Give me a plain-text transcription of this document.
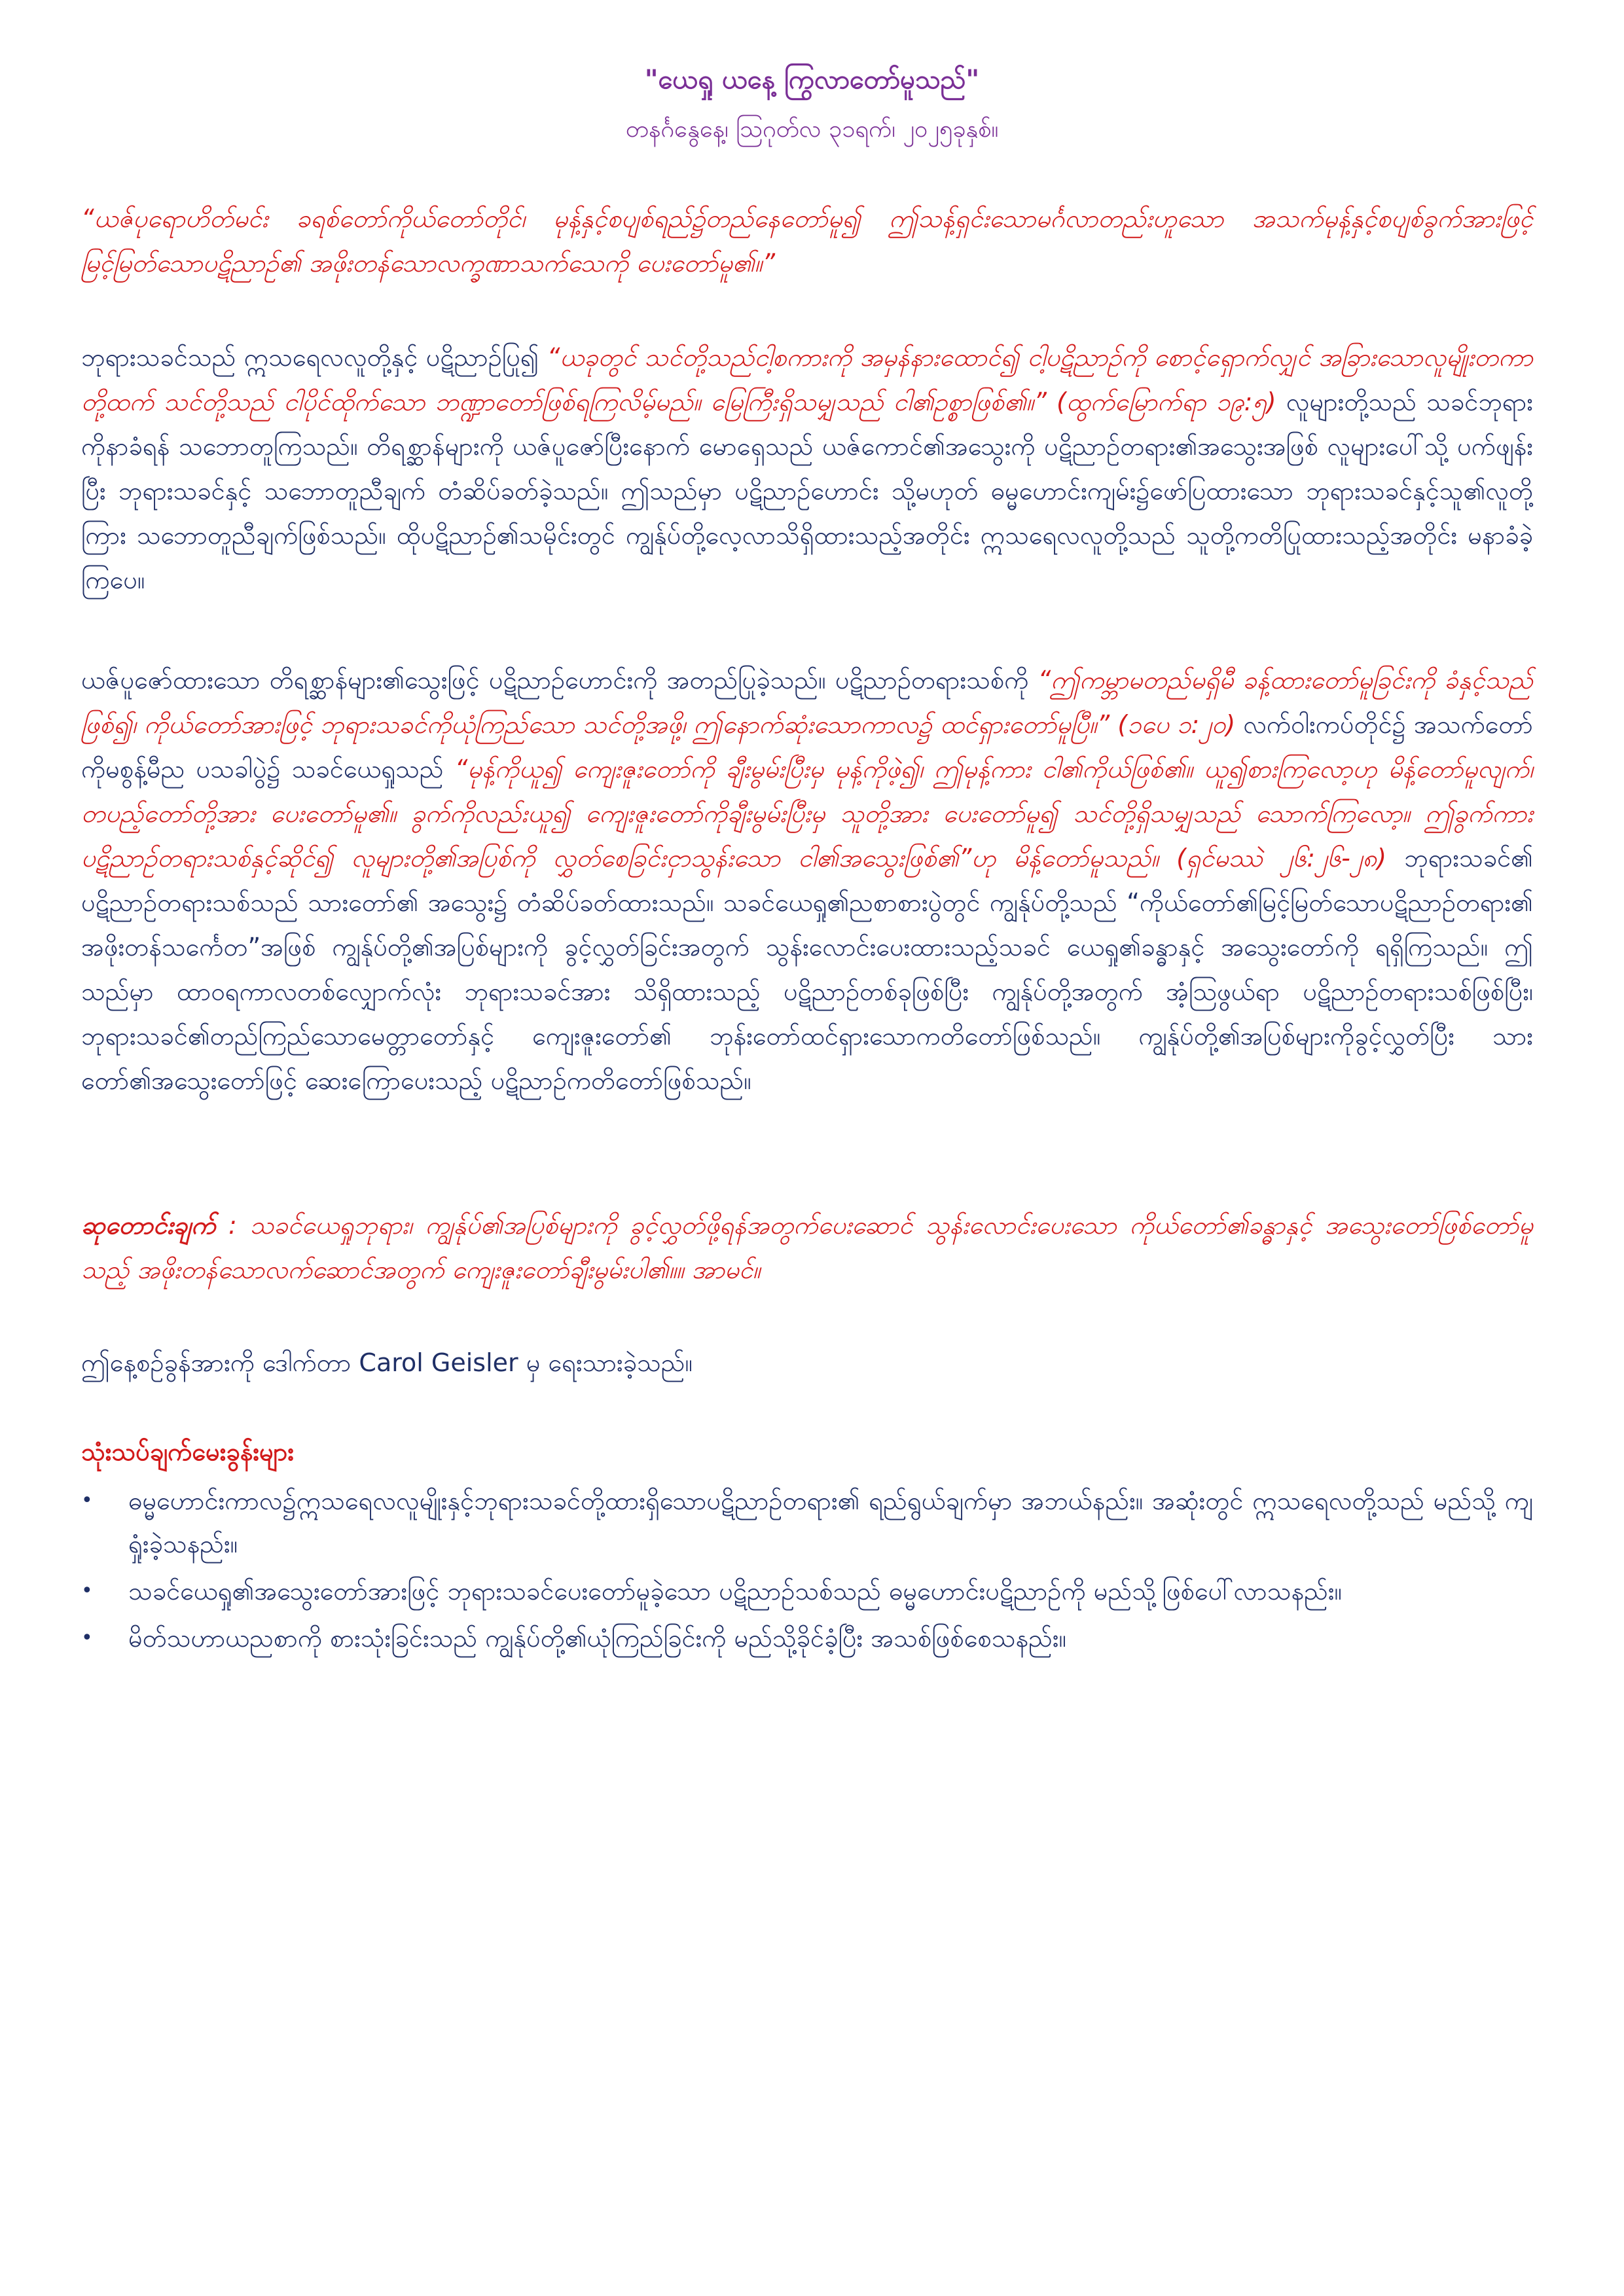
"ယေရှု ယနေ့ ကြွလာတော်မူသည်"
တနင်္ဂနွေနေ့၊ ဩဂုတ်လ ၃၁ရက်၊ ၂၀၂၅ခုနှစ်။
“ယဇ်ပုရောဟိတ်မင်း ခရစ်တော်ကိုယ်တော်တိုင်၊ မုန့်နှင့်စပျစ်ရည်၌တည်နေတော်မူ၍ ဤသန့်ရှင်းသောမင်္ဂလာတည်းဟူသော အသက်မုန့်နှင့်စပျစ်ခွက်အားဖြင့် မြင့်မြတ်သောပဋိညာဉ်၏ အဖိုးတန်သောလက္ခဏာသက်သေကို ပေးတော်မူ၏။”
ဘုရားသခင်သည် ဣသရေလလူတို့နှင့် ပဋိညာဉ်ပြု၍ “ယခုတွင် သင်တို့သည်ငါ့စကားကို အမှန်နားထောင်၍ ငါ့ပဋိညာဉ်ကို စောင့်ရှောက်လျှင် အခြားသောလူမျိုးတကာတို့ထက် သင်တို့သည် ငါပိုင်ထိုက်သော ဘဏ္ဍာတော်ဖြစ်ရကြလိမ့်မည်။ မြေကြီးရှိသမျှသည် ငါ၏ဥစ္စာဖြစ်၏။” (ထွက်မြောက်ရာ ၁၉:၅) လူများတို့သည် သခင်ဘုရားကိုနာခံရန် သဘောတူကြသည်။ တိရစ္ဆာန်များကို ယဇ်ပူဇော်ပြီးနောက် မောရှေသည် ယဇ်ကောင်၏အသွေးကို ပဋိညာဉ်တရား၏အသွေးအဖြစ် လူများပေါ်သို့ ပက်ဖျန်းပြီး ဘုရားသခင်နှင့် သဘောတူညီချက် တံဆိပ်ခတ်ခဲ့သည်။ ဤသည်မှာ ပဋိညာဉ်ဟောင်း သို့မဟုတ် ဓမ္မဟောင်းကျမ်း၌ဖော်ပြထားသော ဘုရားသခင်နှင့်သူ၏လူတို့ကြား သဘောတူညီချက်ဖြစ်သည်။ ထိုပဋိညာဉ်၏သမိုင်းတွင် ကျွန်ုပ်တို့လေ့လာသိရှိထားသည့်အတိုင်း ဣသရေလလူတို့သည် သူတို့ကတိပြုထားသည့်အတိုင်း မနာခံခဲ့ကြပေ။
ယဇ်ပူဇော်ထားသော တိရစ္ဆာန်များ၏သွေးဖြင့် ပဋိညာဉ်ဟောင်းကို အတည်ပြုခဲ့သည်။ ပဋိညာဉ်တရားသစ်ကို “ဤကမ္ဘာမတည်မရှိမီ ခန့်ထားတော်မူခြင်းကို ခံနှင့်သည်ဖြစ်၍၊ ကိုယ်တော်အားဖြင့် ဘုရားသခင်ကိုယုံကြည်သော သင်တို့အဖို့၊ ဤနောက်ဆုံးသောကာလ၌ ထင်ရှားတော်မူပြီ။” (၁ပေ ၁:၂၀) လက်ဝါးကပ်တိုင်၌ အသက်တော်ကိုမစွန့်မီည ပသခါပွဲ၌ သခင်ယေရှုသည် “မုန့်ကိုယူ၍ ကျေးဇူးတော်ကို ချီးမွမ်းပြီးမှ မုန့်ကိုဖဲ့၍၊ ဤမုန့်ကား ငါ၏ကိုယ်ဖြစ်၏။ ယူ၍စားကြလော့ဟု မိန့်တော်မူလျက်၊ တပည့်တော်တို့အား ပေးတော်မူ၏။ ခွက်ကိုလည်းယူ၍ ကျေးဇူးတော်ကိုချီးမွမ်းပြီးမှ သူတို့အား ပေးတော်မူ၍ သင်တို့ရှိသမျှသည် သောက်ကြလော့။ ဤခွက်ကား ပဋိညာဉ်တရားသစ်နှင့်ဆိုင်၍ လူများတို့၏အပြစ်ကို လွှတ်စေခြင်းငှာသွန်းသော ငါ၏အသွေးဖြစ်၏”ဟု မိန့်တော်မူသည်။ (ရှင်မဿဲ ၂၆:၂၆-၂၈) ဘုရားသခင်၏ ပဋိညာဉ်တရားသစ်သည် သားတော်၏ အသွေး၌ တံဆိပ်ခတ်ထားသည်။ သခင်ယေရှု၏ညစာစားပွဲတွင် ကျွန်ုပ်တို့သည် “ကိုယ်တော်၏မြင့်မြတ်သောပဋိညာဉ်တရား၏ အဖိုးတန်သင်္ကေတ”အဖြစ် ကျွန်ုပ်တို့၏အပြစ်များကို ခွင့်လွှတ်ခြင်းအတွက် သွန်းလောင်းပေးထားသည့်သခင် ယေရှု၏ခန္ဓာနှင့် အသွေးတော်ကို ရရှိကြသည်။ ဤသည်မှာ ထာဝရကာလတစ်လျှောက်လုံး ဘုရားသခင်အား သိရှိထားသည့် ပဋိညာဉ်တစ်ခုဖြစ်ပြီး ကျွန်ုပ်တို့အတွက် အံ့ဩဖွယ်ရာ ပဋိညာဉ်တရားသစ်ဖြစ်ပြီး၊ ဘုရားသခင်၏တည်ကြည်သောမေတ္တာတော်နှင့် ကျေးဇူးတော်၏ ဘုန်းတော်ထင်ရှားသောကတိတော်ဖြစ်သည်။ ကျွန်ုပ်တို့၏အပြစ်များကိုခွင့်လွှတ်ပြီး သားတော်၏အသွေးတော်ဖြင့် ဆေးကြောပေးသည့် ပဋိညာဉ်ကတိတော်ဖြစ်သည်။
ဆုတောင်းချက် : သခင်ယေရှုဘုရား၊ ကျွန်ုပ်၏အပြစ်များကို ခွင့်လွှတ်ဖို့ရန်အတွက်ပေးဆောင် သွန်းလောင်းပေးသော ကိုယ်တော်၏ခန္ဓာနှင့် အသွေးတော်ဖြစ်တော်မူသည့် အဖိုးတန်သောလက်ဆောင်အတွက် ကျေးဇူးတော်ချီးမွမ်းပါ၏။။ အာမင်။
ဤနေ့စဉ်ခွန်အားကို ဒေါက်တာ Carol Geisler မှ ရေးသားခဲ့သည်။
သုံးသပ်ချက်မေးခွန်းများ
• ဓမ္မဟောင်းကာလ၌ဣသရေလလူမျိုးနှင့်ဘုရားသခင်တို့ထားရှိသောပဋိညာဉ်တရား၏ ရည်ရွယ်ချက်မှာ အဘယ်နည်း။ အဆုံးတွင် ဣသရေလတို့သည် မည်သို့ ကျရှုံးခဲ့သနည်း။
• သခင်ယေရှု၏အသွေးတော်အားဖြင့် ဘုရားသခင်ပေးတော်မူခဲ့သော ပဋိညာဉ်သစ်သည် ဓမ္မဟောင်းပဋိညာဉ်ကို မည်သို့ဖြစ်ပေါ်လာသနည်း။
• မိတ်သဟာယညစာကို စားသုံးခြင်းသည် ကျွန်ုပ်တို့၏ယုံကြည်ခြင်းကို မည်သို့ခိုင်ခံ့ပြီး အသစ်ဖြစ်စေသနည်း။
